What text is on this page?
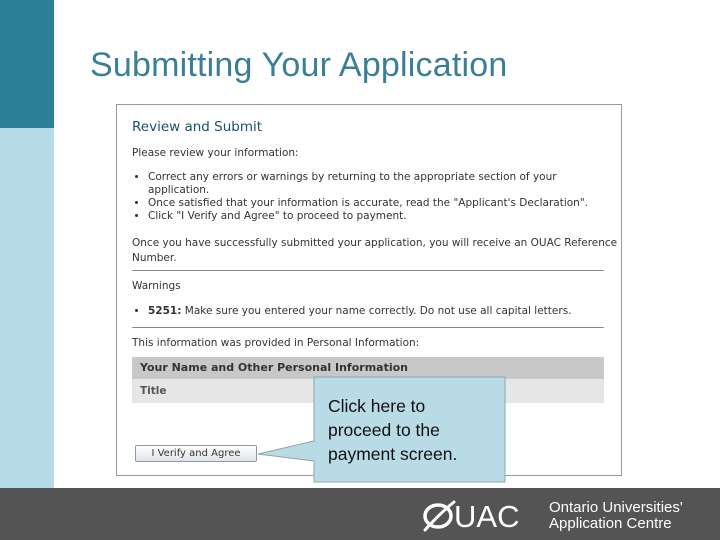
Submitting Your Application
Review and Submit
Please review your information:
• Correct any errors or warnings by returning to the appropriate section of your
application.
• Once satisfied that your information is accurate, read the "Applicant's Declaration".
• Click "I Verify and Agree" to proceed to payment.
Once you have successfully submitted your application, you will receive an OUAC Reference
Number.
Warnings
• 5251: Make sure you entered your name correctly. Do not use all capital letters.
This information was provided in Personal Information:
Your Name and Other Personal Information
Title
I Verify and Agree
Click here to
proceed to the
payment screen.
UAC Ontario Universities'
Application Centre
